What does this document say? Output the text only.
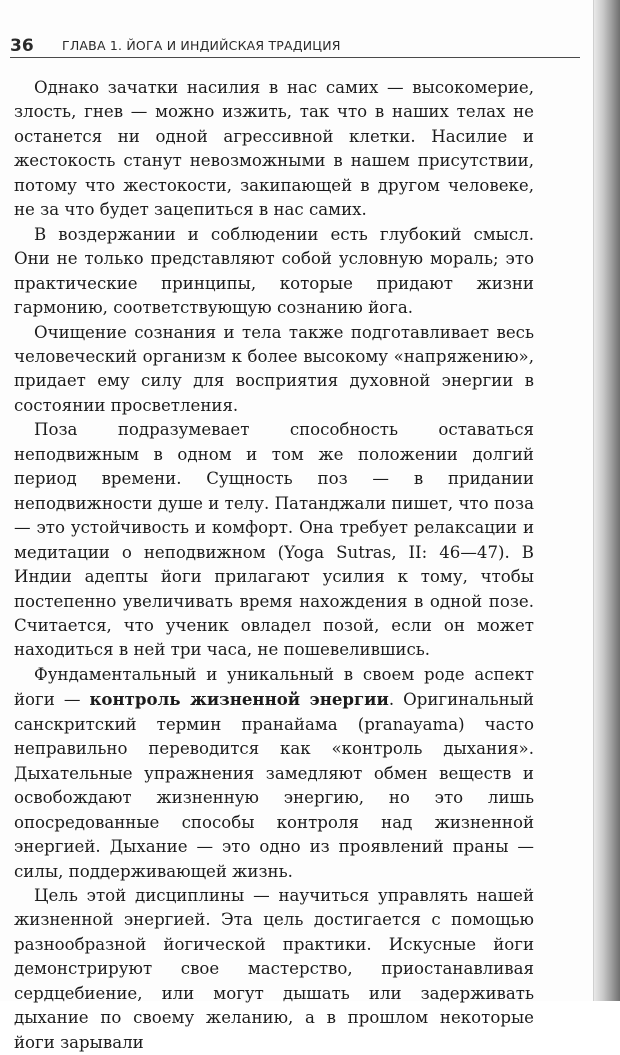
36 ГЛАВА 1. ЙОГА И ИНДИЙСКАЯ ТРАДИЦИЯ

Однако зачатки насилия в нас самих — высокомерие, злость, гнев — можно изжить, так что в наших телах не останется ни одной агрессивной клетки. Насилие и жестокость станут невозможными в нашем присутствии, потому что жестокости, закипающей в другом человеке, не за что будет зацепиться в нас самих.

В воздержании и соблюдении есть глубокий смысл. Они не только представляют собой условную мораль; это практические принципы, которые придают жизни гармонию, соответствующую сознанию йога.

Очищение сознания и тела также подготавливает весь человеческий организм к более высокому «напряжению», придает ему силу для восприятия духовной энергии в состоянии просветления.

Поза подразумевает способность оставаться неподвижным в одном и том же положении долгий период времени. Сущность поз — в придании неподвижности душе и телу. Патанджали пишет, что поза — это устойчивость и комфорт. Она требует релаксации и медитации о неподвижном (Yoga Sutras, II: 46—47). В Индии адепты йоги прилагают усилия к тому, чтобы постепенно увеличивать время нахождения в одной позе. Считается, что ученик овладел позой, если он может находиться в ней три часа, не пошевелившись.

Фундаментальный и уникальный в своем роде аспект йоги — контроль жизненной энергии. Оригинальный санскритский термин пранайама (pranayama) часто неправильно переводится как «контроль дыхания». Дыхательные упражнения замедляют обмен веществ и освобождают жизненную энергию, но это лишь опосредованные способы контроля над жизненной энергией. Дыхание — это одно из проявлений праны — силы, поддерживающей жизнь.

Цель этой дисциплины — научиться управлять нашей жизненной энергией. Эта цель достигается с помощью разнообразной йогической практики. Искусные йоги демонстрируют свое мастерство, приостанавливая сердцебиение, или могут дышать или задерживать дыхание по своему желанию, а в прошлом некоторые йоги зарывали
